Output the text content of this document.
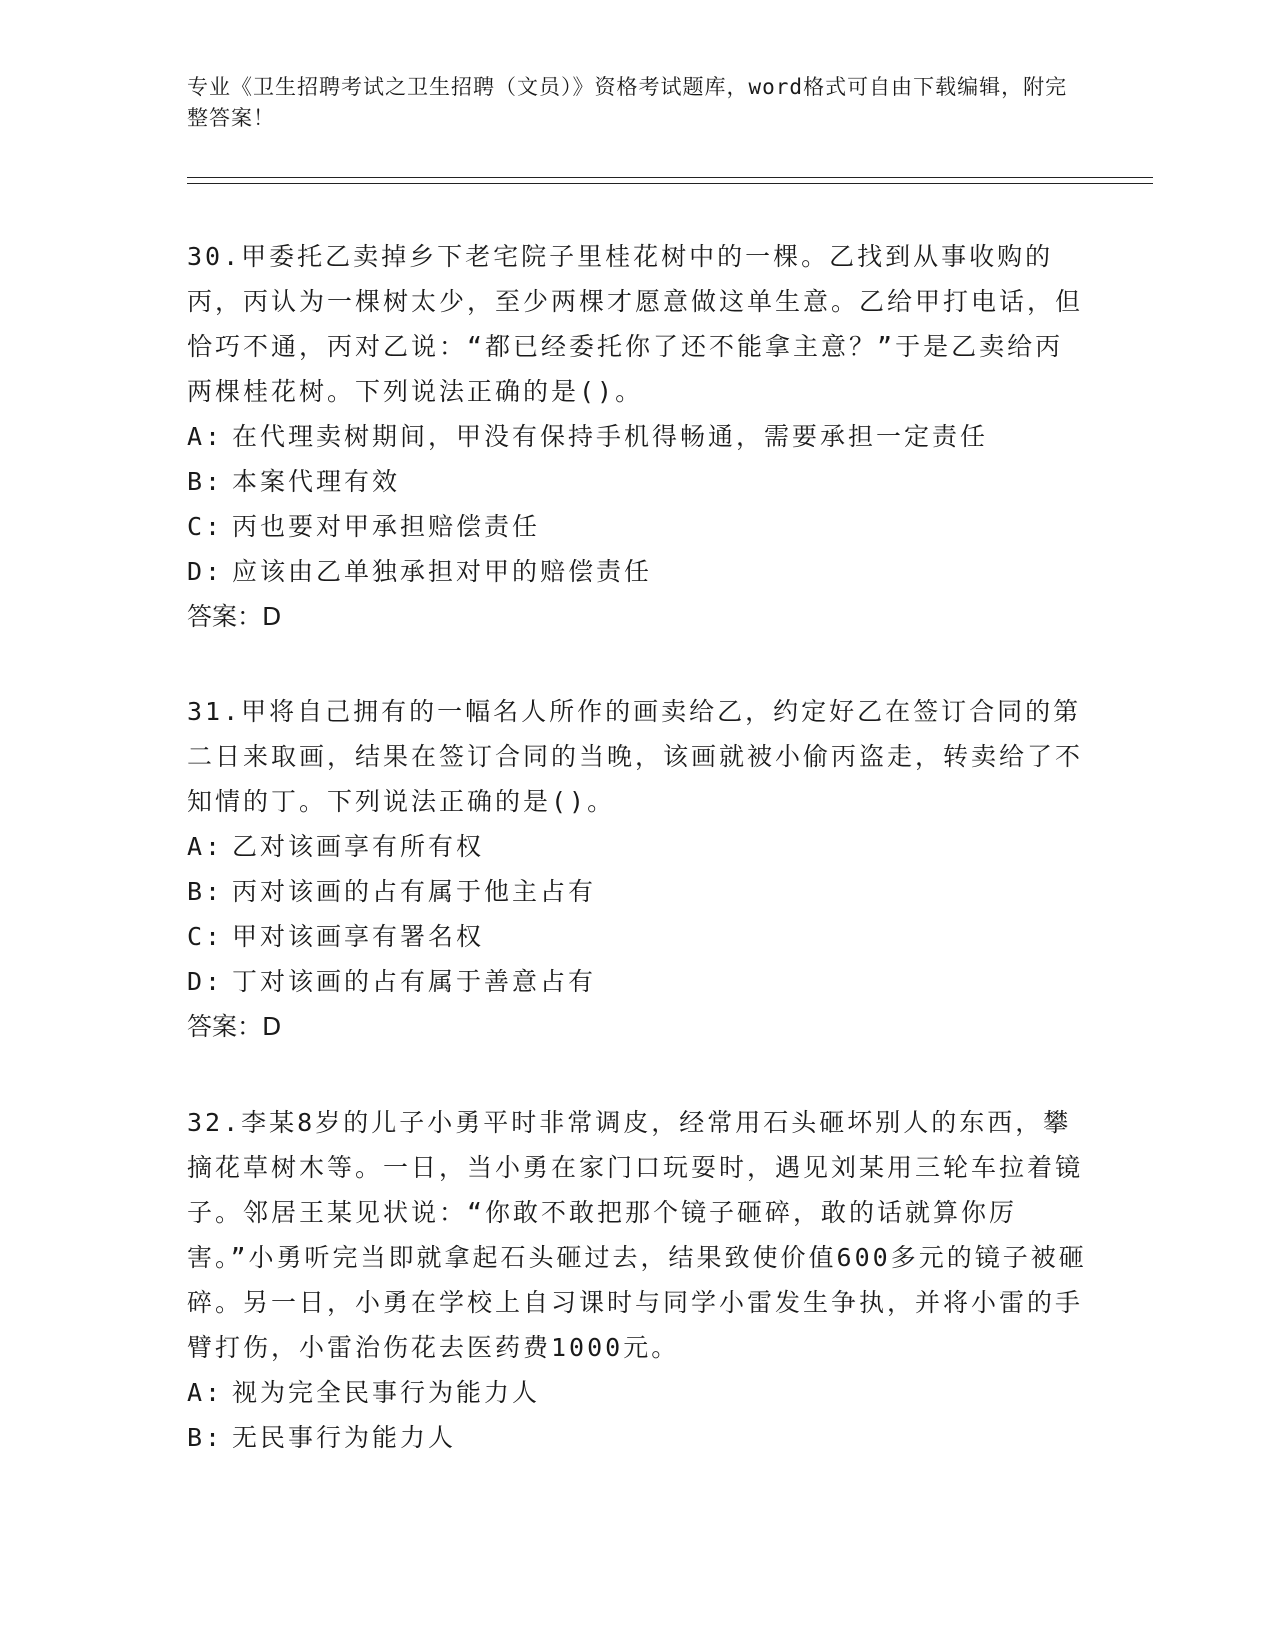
专业《卫生招聘考试之卫生招聘（文员）》资格考试题库，word格式可自由下载编辑，附完整答案！

30.甲委托乙卖掉乡下老宅院子里桂花树中的一棵。乙找到从事收购的丙，丙认为一棵树太少，至少两棵才愿意做这单生意。乙给甲打电话，但恰巧不通，丙对乙说：“都已经委托你了还不能拿主意？”于是乙卖给丙两棵桂花树。下列说法正确的是()。

A: 在代理卖树期间，甲没有保持手机得畅通，需要承担一定责任

B: 本案代理有效

C: 丙也要对甲承担赔偿责任

D: 应该由乙单独承担对甲的赔偿责任

答案：D

31.甲将自己拥有的一幅名人所作的画卖给乙，约定好乙在签订合同的第二日来取画，结果在签订合同的当晚，该画就被小偷丙盗走，转卖给了不知情的丁。下列说法正确的是()。

A: 乙对该画享有所有权

B: 丙对该画的占有属于他主占有

C: 甲对该画享有署名权

D: 丁对该画的占有属于善意占有

答案：D

32.李某8岁的儿子小勇平时非常调皮，经常用石头砸坏别人的东西，攀摘花草树木等。一日，当小勇在家门口玩耍时，遇见刘某用三轮车拉着镜子。邻居王某见状说：“你敢不敢把那个镜子砸碎，敢的话就算你厉害。”小勇听完当即就拿起石头砸过去，结果致使价值600多元的镜子被砸碎。另一日，小勇在学校上自习课时与同学小雷发生争执，并将小雷的手臂打伤，小雷治伤花去医药费1000元。

A: 视为完全民事行为能力人

B: 无民事行为能力人
